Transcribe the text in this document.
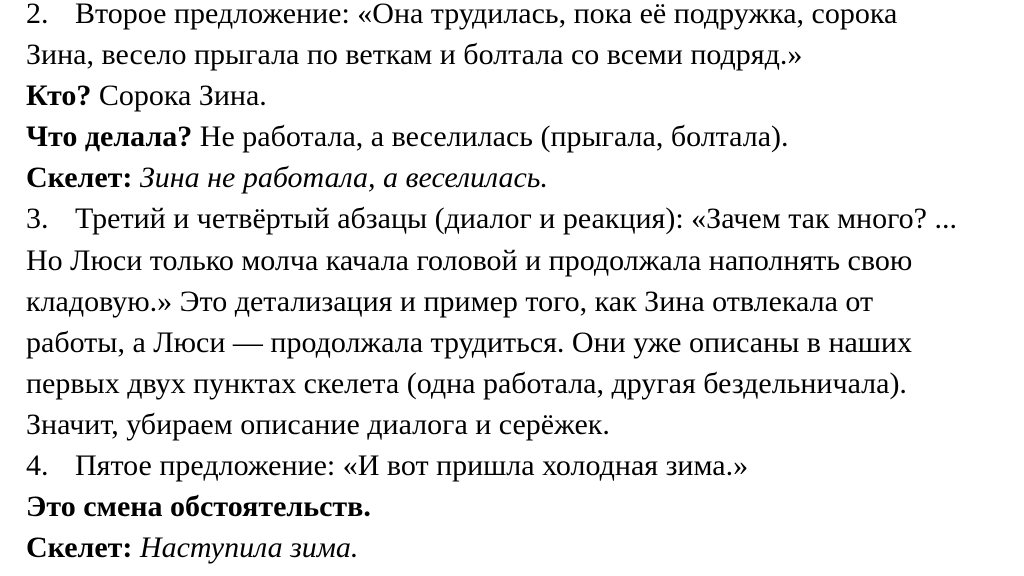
2. Второе предложение: «Она трудилась, пока её подружка, сорока
Зина, весело прыгала по веткам и болтала со всеми подряд.»
Кто? Сорока Зина.
Что делала? Не работала, а веселилась (прыгала, болтала).
Скелет: Зина не работала, а веселилась.
3. Третий и четвёртый абзацы (диалог и реакция): «Зачем так много? ...
Но Люси только молча качала головой и продолжала наполнять свою
кладовую.» Это детализация и пример того, как Зина отвлекала от
работы, а Люси — продолжала трудиться. Они уже описаны в наших
первых двух пунктах скелета (одна работала, другая бездельничала).
Значит, убираем описание диалога и серёжек.
4. Пятое предложение: «И вот пришла холодная зима.»
Это смена обстоятельств.
Скелет: Наступила зима.
